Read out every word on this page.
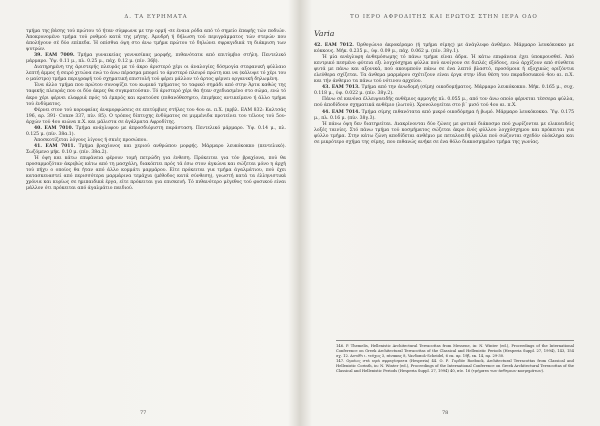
Δ. ΤΑ ΕΥΡΗΜΑΤΑ

τμήμα της βάσης τού πρώτου τό ήταν σύμφωνα με την ορμή -σε έναια ρόδα από τό σημείο έπαφής τών ποδιών. Άποκρυνομένο τμήμα τού ρυθμού κατά της μήτης. Άμυδρή ή δήλωση τού περιγράμματος τών στερών που άπολήγουν σέ δύο επίπεδα. Ή οπίσθια όψη στο άνω τμήμα πρώτου τό δηλώνει σφραγιδικά τη διάκριση των ψυτρών.

39. ΕΑΜ 7009. Τμήμα γυναικείας γεννασίκας μορφής, πιθανότατα από επιτύμβιο στήλη. Πεντελικό μάρμαρο. Ύψ. 0.11 μ., πλ. 0.25 μ., πάχ. 0.12 μ. (πίν. 36β).

Διατηρημένη της άριστερής πλευράς με τό άκρο άριστερό χέρι οι άναλογίες δόσμογία στεφανική φύλλαιο λεπτή άμμος ή σειρό χιτώνα ενώ το άνω πέρασμα μπορεί το άριστερό πλευρό πρώτη και να (κάλυψε τό χέρι του ο μαίστρο) τμήμα περιγραφή τού σχηματική επιστολή τού φέρει μάλλον τό άρτος φέρνει οργανική δηλωμένη.

Ένα άλλο τμήμα που πρώτου συνοψίζει του κωμικό τμήματος το ταφικό σημάδι από στην Άρτα καθώς της ταφικής πλευράς που οι δύο άκρες θα συγκρατούσαν. Τό άριστερό χέρι θα ήταν σχεδιασμένο στο σώμα, ενώ τό άκρο χέρι φέρνει ελαφριά πρός τά έμπρός και κρατούσε (πιθανόθεσηρτο, έπιμήκες αντικείμενο ή άλλο τμήμα τού ένδύματος.

Φέρνει στον τού κορυφαίας άναμορφώσεις σε επιτύμβιες στήλες του 4ου αι. π.Χ. (πρβλ. ΕΑΜ 832: Καλτσάς 196, αρ. 391· Conze 337, πίν. 85). Ο τρόπος δίπτυχης ένδύματος σε μιμμένιδα προτείνει του τέλους τού 5ου-άρχών τού 4ου αιώνα π.Χ. και μάλιστα σε άγάλματα Αφροδίτης.

40. ΕΑΜ 7010. Τμήμα ανάγλυφου με άπροσδιόριστη παράσταση. Πεντελικό μάρμαρο. Ύψ. 0.14 μ., πλ. 0.125 μ. (πίν. 38α.1).

Άποσκοτίζεται λόγους λίγους ή σκιές προσώπου.

41. ΕΑΜ 7011. Τμήμα βραχίονος και χεριού ανθρώπου μορφής. Μάρμαρο λευκόκοκκο (πεντελικό). Σωζόμενο μήκ. 0.10 μ. (πίν. 38α.2).

Ή όψη και κάτω επιφάνεια φέρουν τομή πετρώδη για ένθεση. Πρόκειται για τόν βραχίονα, πού θα προσαρμοζόταν άκριβώς κάτω από τη μασχάλη, διακόπτει πρός τά έσω στον άγκώνα και σώζεται μόνο η άρχή τού πήχυ ο οποίος θα ήταν από άλλο κομμάτι μαρμάρου. Είτε πρόκειται για τμήμα άγαλμάτιου, πού έχει κατασκευαστεί από περισσότερα μαρμάρινα τεμάχια (μέθοδος κατά σύνθεση), γνωστή κατά τα έλληνιστικά χρόνια και κυρίως σε ημιπαιδικά έργα, είτε πρόκειται για επισκευή. Τό πιθανότερο μέγεθος τού φυσικού είναι μάλλον ότι πρόκειται από άγαλμάτιο παιδιού.

77
ΤΟ ΙΕΡΟ ΑΦΡΟΔΙΤΗΣ ΚΑΙ ΕΡΩΤΟΣ ΣΤΗΝ ΙΕΡΑ ΟΔΟ
Varia

42. ΕΑΜ 7012. Όρθογώνιο άκροκέραμο (ή τμήμα σίμης) με άνάγλυφο άνθέμιο. Μάρμαρο λευκόκοκκο με κόκκους. Μήκ. 0.235 μ., ύψ. 0.09 μ., πάχ. 0.062 μ. (πίν. 38γ.1).

Ή μία ανάγλυφη άνθεμόσωμης τό πάνω τμήμα είναι άδρα. Ή κάτω επιφάνεια έχει ύποκρουσθεί. Άπό κεντρικό πεσμένο φύτεια εξι λογχόσχημα φύλλα πού ανοίγουν σε διπλές εξόδους, ενώ άρχίζουν από σύνθετα φυτά με πάνω και αξονικά, πού ακουμπούν πάνω σε ένα λεπτό βλαστό, προσόμοια ή εξοχικώς οριζόντια ελεύθερα σχίζεται. Τα άνθεμα μαρμάρου σχέτιζουν είναι έργα στην ίδια θέση του παραδοσιακού 4ου αι. π.Χ. και τήν άνθεμιο τα πάνω τού νότινου αρχείου.

43. ΕΑΜ 7013. Τμήμα από την άνωδομή (σίμη) οικοδομήματος. Μάρμαρο λευκόκοκκο. Μήκ. 0.165 μ., συχ. 0.118 μ., ύψ. 0.022 μ. (πίν. 38γ.2).

Πάνω σέ κανόνα έλλειψοειδής ανθέμιος αρμογής πλ. 0.055 μ., από τον άνω οποίο φέρνεται τέσσερα φύλλα, πού άποδίδουν σχηματικά ανθέμιο (λωτού). Χρονολογείται στο β΄ μισό τού 4ου αι. π.Χ.

44. ΕΑΜ 7014. Τμήμα σίμης πιθανότατα από μικρό οικοδόμημα ή βωμό. Μάρμαρο λευκόκοκκο. Ύψ. 0.175 μ., πλ. 0.16 μ. (πίν. 38γ.3).

Ή πάνω όψη δεν διατηρείται. Διακρίνονται δύο ζώνες με φυτικό διάκοσμο πού χωρίζονται με ελικοειδείς λοξές ταινίες. Στό πάνω τμήμα τού κοσμήματος σώζεται άκρο ένός φύλλου λογχόσχημου και πρόκειται για φύλλο τμήμα. Στην κάτω ζώνη αποδίδεται ανθέμιο με πεταλοειδή φύλλα πού σώζονται σχεδόν ολόκληρα και σε μικρότερο σχήμα της σίμης, που πιθανώς ανήκε σε ένα θόλο διακοσμημένο τμήμα της γωνίας.

146. P. Themelis, Hellenistic Architectural Terracottas from Messene, in: N. Winter (ed.), Proceedings of the International Conference on Greek Architectural Terracottas of the Classical and Hellenistic Periods (Hesperia Suppl. 27, 1994), 143, 154 σχ. 12. Αυτόθι ι. τεύχος 3, πίνακας 8, Vaνδοπολ-Scheidel, 6 εκ. αρ. 19β, εκ. 14, αρ. 29-30.

147. Ομοίως στά ιερά σφραγίσματα (Hesperia) 44. Ο. Ρ. Γορδόν Roebuck, Architectural Terracottas from Classical and Hellenistic Corinth, in: N. Winter (ed.), Proceedings of the International Conference on Greek Architectural Terracottas of the Classical and Hellenistic Periods (Hesperia Suppl. 27, 1994) 40, πίν. 16 (τμήματα των άνθεμιων κοσμημάτων).

78
